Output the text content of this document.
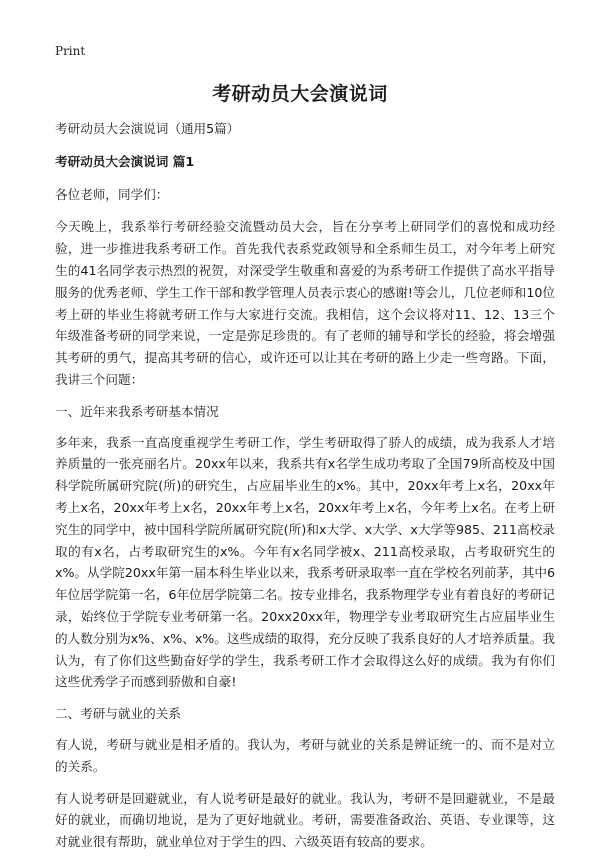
Print
考研动员大会演说词

考研动员大会演说词（通用5篇）

考研动员大会演说词 篇1

各位老师，同学们：

今天晚上，我系举行考研经验交流暨动员大会，旨在分享考上研同学们的喜悦和成功经验，进一步推进我系考研工作。首先我代表系党政领导和全系师生员工，对今年考上研究生的41名同学表示热烈的祝贺，对深受学生敬重和喜爱的为系考研工作提供了高水平指导服务的优秀老师、学生工作干部和教学管理人员表示衷心的感谢!等会儿，几位老师和10位考上研的毕业生将就考研工作与大家进行交流。我相信，这个会议将对11、12、13三个年级准备考研的同学来说，一定是弥足珍贵的。有了老师的辅导和学长的经验，将会增强其考研的勇气，提高其考研的信心，或许还可以让其在考研的路上少走一些弯路。下面，我讲三个问题：

一、近年来我系考研基本情况

多年来，我系一直高度重视学生考研工作，学生考研取得了骄人的成绩，成为我系人才培养质量的一张亮丽名片。20xx年以来，我系共有x名学生成功考取了全国79所高校及中国科学院所属研究院(所)的研究生，占应届毕业生的x%。其中，20xx年考上x名，20xx年考上x名，20xx年考上x名，20xx年考上x名，20xx年考上x名，今年考上x名。在考上研究生的同学中，被中国科学院所属研究院(所)和x大学、x大学、x大学等985、211高校录取的有x名，占考取研究生的x%。今年有x名同学被x、211高校录取，占考取研究生的x%。从学院20xx年第一届本科生毕业以来，我系考研录取率一直在学校名列前茅，其中6年位居学院第一名，6年位居学院第二名。按专业排名，我系物理学专业有着良好的考研记录，始终位于学院专业考研第一名。20xx20xx年，物理学专业考取研究生占应届毕业生的人数分别为x%、x%、x%。这些成绩的取得，充分反映了我系良好的人才培养质量。我认为，有了你们这些勤奋好学的学生，我系考研工作才会取得这么好的成绩。我为有你们这些优秀学子而感到骄傲和自豪!

二、考研与就业的关系

有人说，考研与就业是相矛盾的。我认为，考研与就业的关系是辨证统一的、而不是对立的关系。

有人说考研是回避就业，有人说考研是最好的就业。我认为，考研不是回避就业，不是最好的就业，而确切地说，是为了更好地就业。考研，需要准备政治、英语、专业课等，这对就业很有帮助，就业单位对于学生的四、六级英语有较高的要求。
